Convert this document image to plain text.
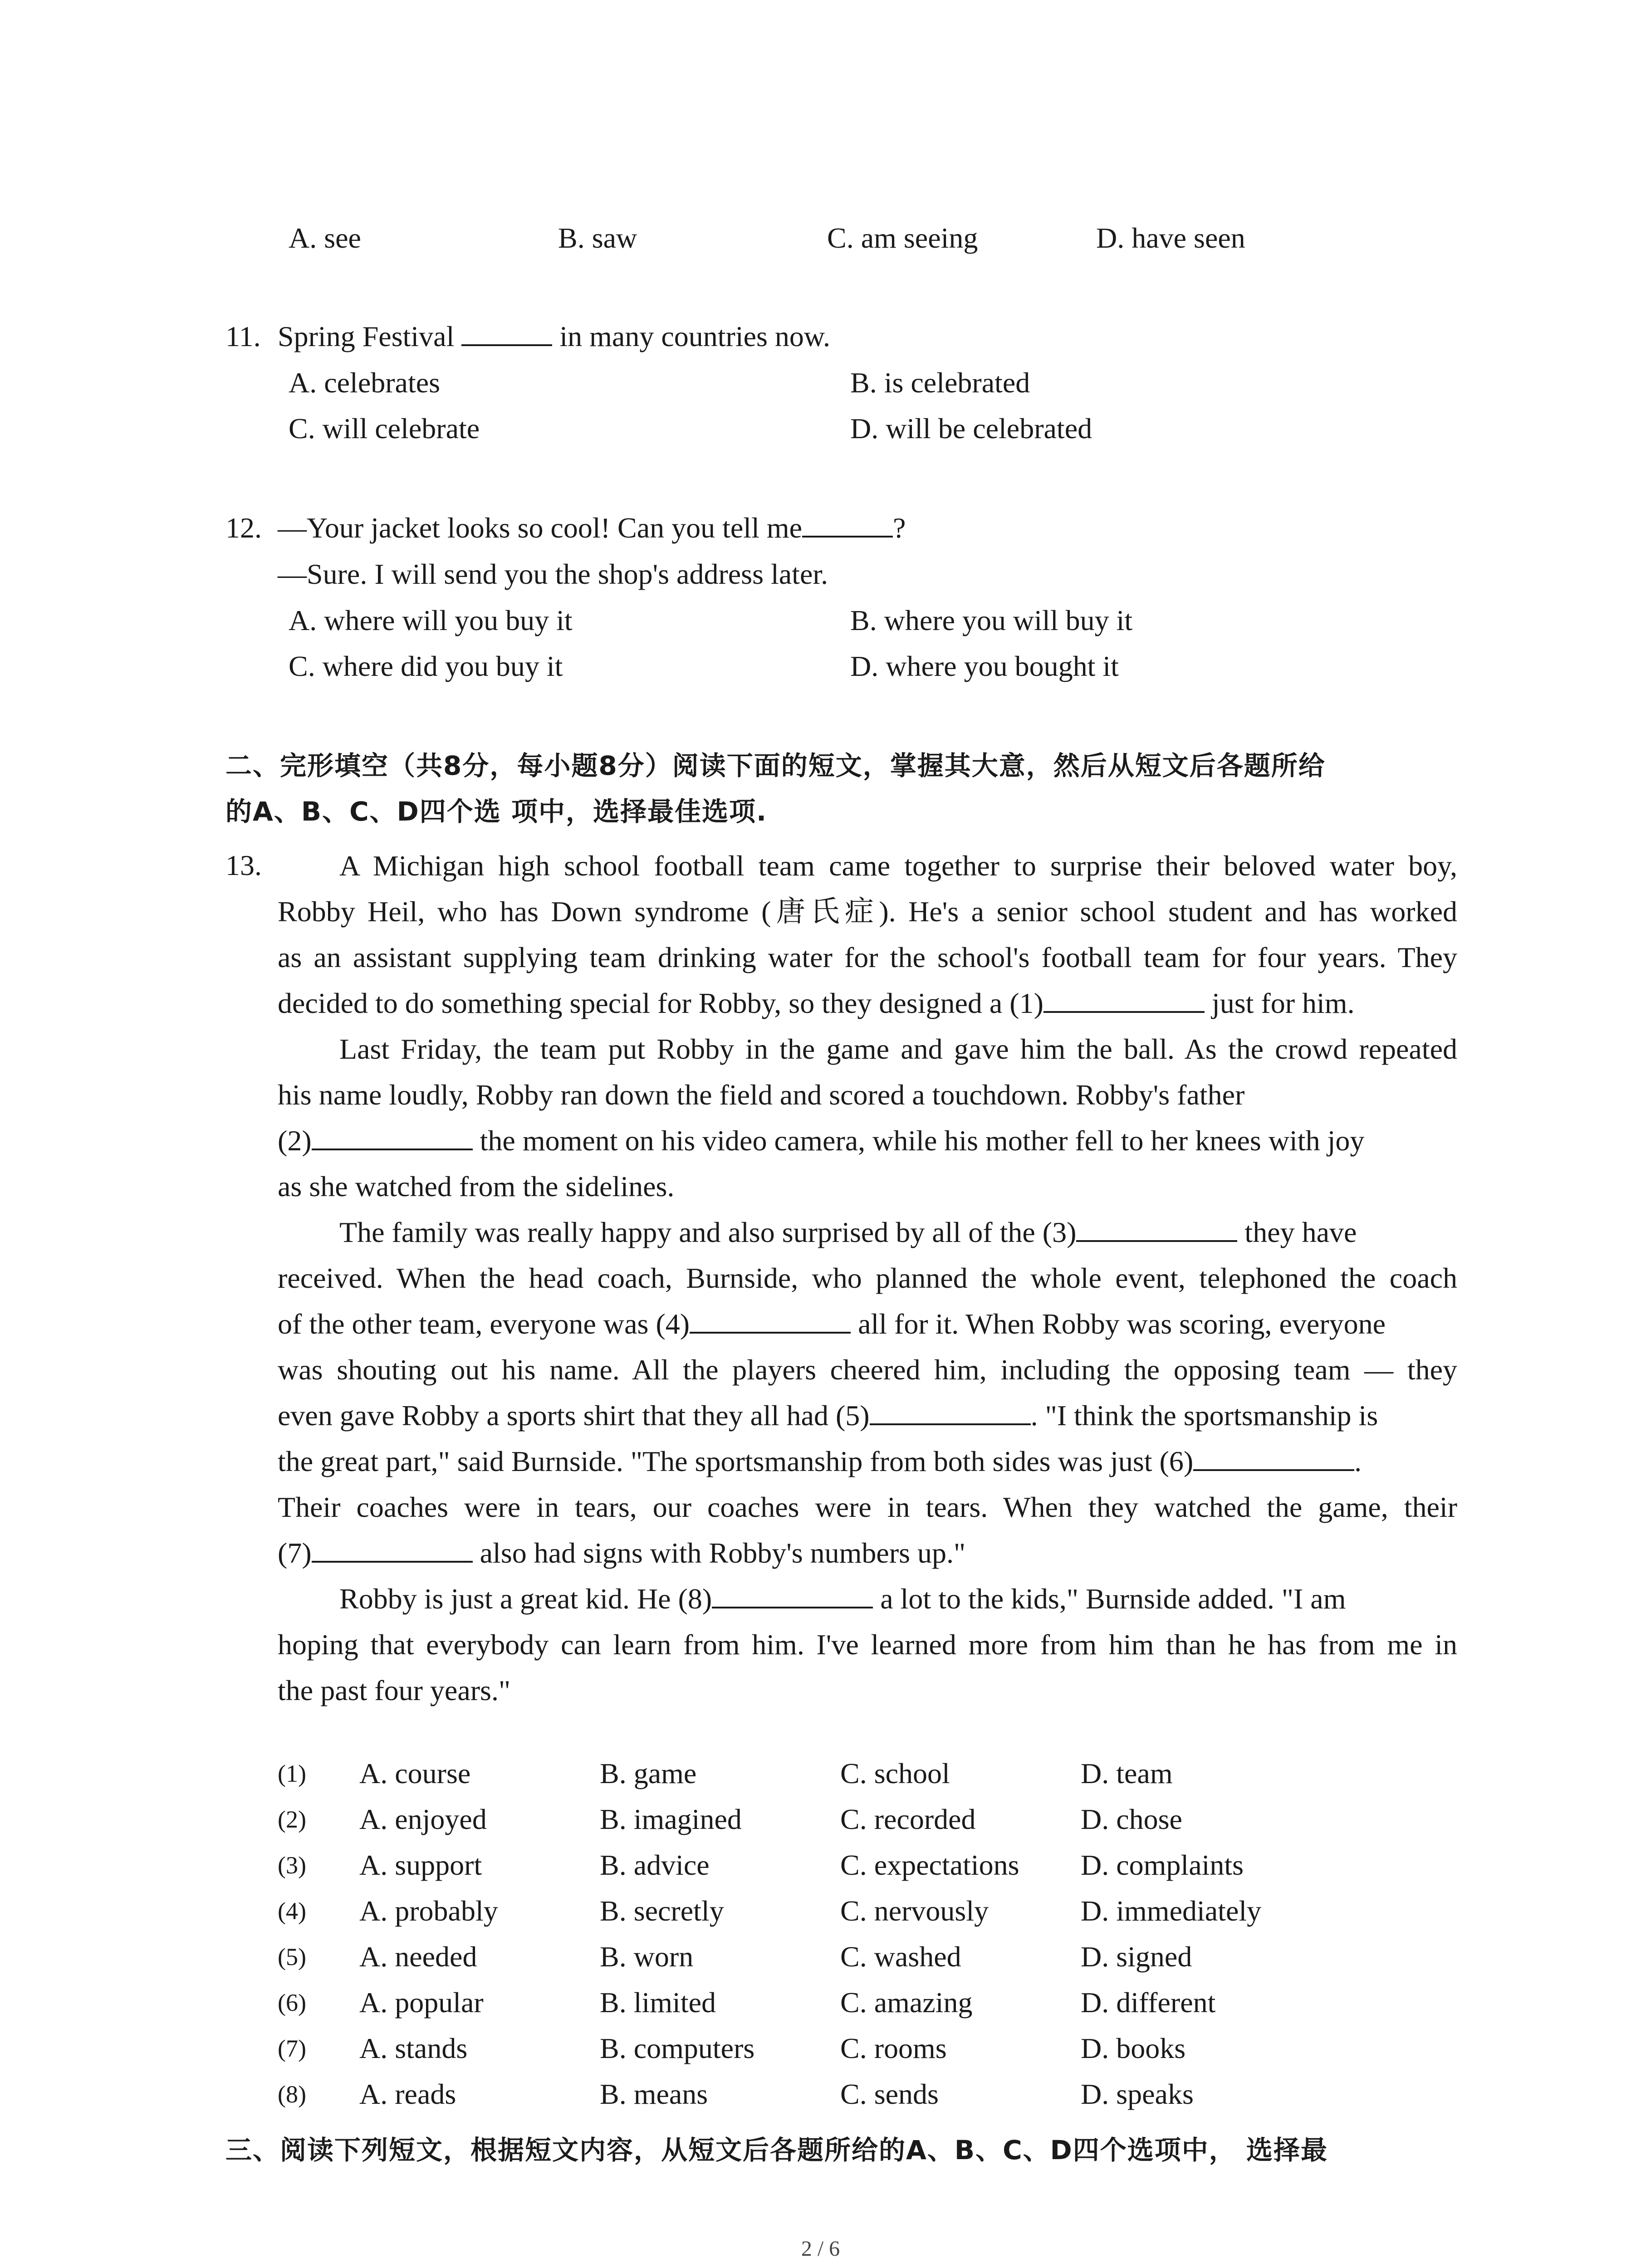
A. see	B. saw	C. am seeing	D. have seen
11. Spring Festival	in many countries now.
A. celebrates	B. is celebrated
C. will celebrate	D. will be celebrated
12. —Your jacket looks so cool! Can you tell me	?
—Sure. I will send you the shop's address later.
A. where will you buy it	B. where you will buy it
C. where did you buy it	D. where you bought it
二、完形填空（共8分，每小题8分）阅读下面的短文，掌握其大意，然后从短文后各题所给
的A、B、C、D四个选 项中，选择最佳选项.
13.	A Michigan high school football team came together to surprise their beloved water boy,
Robby Heil, who has Down syndrome (唐氏症). He's a senior school student and has worked
as an assistant supplying team drinking water for the school's football team for four years. They
decided to do something special for Robby, so they designed a (1)	just for him.
Last Friday, the team put Robby in the game and gave him the ball. As the crowd repeated
his name loudly, Robby ran down the field and scored a touchdown. Robby's father
(2)	the moment on his video camera, while his mother fell to her knees with joy
as she watched from the sidelines.
The family was really happy and also surprised by all of the (3)	they have
received. When the head coach, Burnside, who planned the whole event, telephoned the coach
of the other team, everyone was (4)	all for it. When Robby was scoring, everyone
was shouting out his name. All the players cheered him, including the opposing team — they
even gave Robby a sports shirt that they all had (5)	. "I think the sportsmanship is
the great part," said Burnside. "The sportsmanship from both sides was just (6)	.
Their coaches were in tears, our coaches were in tears. When they watched the game, their
(7)	also had signs with Robby's numbers up."
Robby is just a great kid. He (8)	a lot to the kids," Burnside added. "I am
hoping that everybody can learn from him. I've learned more from him than he has from me in
the past four years."
(1) A. course	B. game	C. school	D. team
(2) A. enjoyed	B. imagined	C. recorded	D. chose
(3) A. support	B. advice	C. expectations D. complaints
(4) A. probably	B. secretly	C. nervously	D. immediately
(5) A. needed	B. worn	C. washed	D. signed
(6) A. popular	B. limited	C. amazing	D. different
(7) A. stands	B. computers	C. rooms	D. books
(8) A. reads	B. means	C. sends	D. speaks
三、阅读下列短文，根据短文内容，从短文后各题所给的A、B、C、D四个选项中， 选择最
2 / 6
